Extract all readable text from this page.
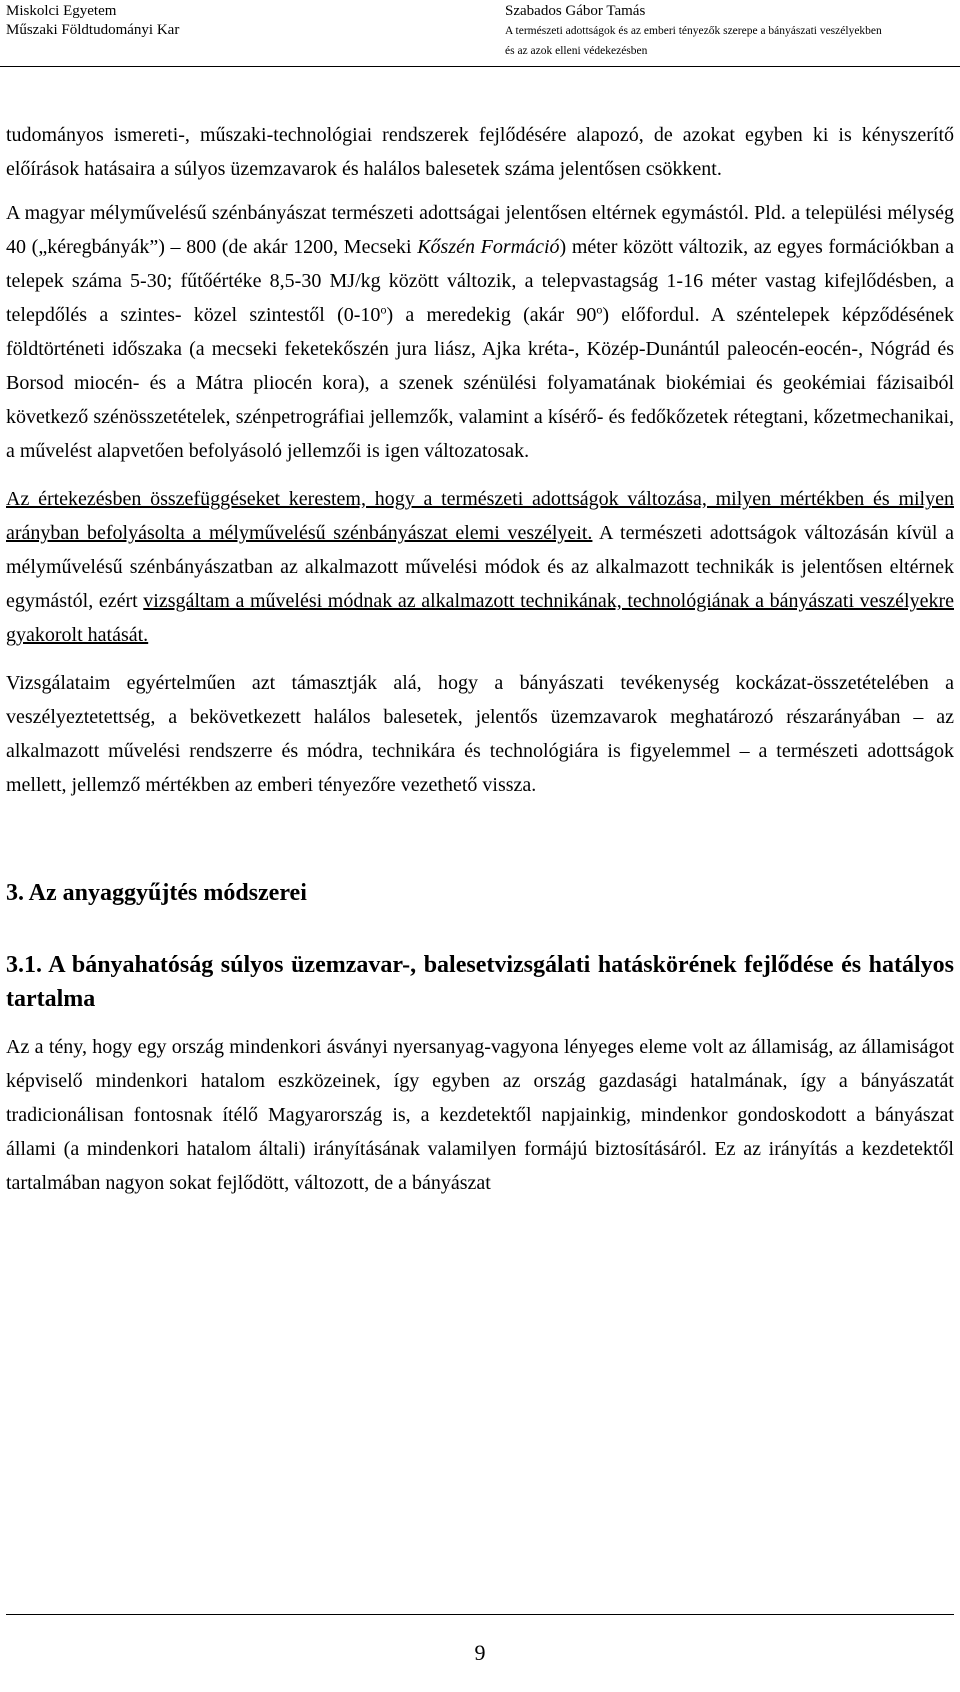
Miskolci Egyetem
Műszaki Földtudományi Kar
Szabados Gábor Tamás
A természeti adottságok és az emberi tényezők szerepe a bányászati veszélyekben
és az azok elleni védekezésben

tudományos ismereti-, műszaki-technológiai rendszerek fejlődésére alapozó, de azokat egyben ki is kényszerítő előírások hatásaira a súlyos üzemzavarok és halálos balesetek száma jelentősen csökkent.

A magyar mélyművelésű szénbányászat természeti adottságai jelentősen eltérnek egymástól. Pld. a települési mélység 40 („kéregbányák”) – 800 (de akár 1200, Mecseki Kőszén Formáció) méter között változik, az egyes formációkban a telepek száma 5-30; fűtőértéke 8,5-30 MJ/kg között változik, a telepvastagság 1-16 méter vastag kifejlődésben, a telepdőlés a szintes- közel szintestől (0-10$^o$) a meredekig (akár 90$^o$) előfordul. A széntelepek képződésének földtörténeti időszaka (a mecseki feketekőszén jura liász, Ajka kréta-, Közép-Dunántúl paleocén-eocén-, Nógrád és Borsod miocén- és a Mátra pliocén kora), a szenek szénülési folyamatának biokémiai és geokémiai fázisaiból következő szénösszetételek, szénpetrográfiai jellemzők, valamint a kísérő- és fedőkőzetek rétegtani, kőzetmechanikai, a művelést alapvetően befolyásoló jellemzői is igen változatosak.

Az értekezésben összefüggéseket kerestem, hogy a természeti adottságok változása, milyen mértékben és milyen arányban befolyásolta a mélyművelésű szénbányászat elemi veszélyeit. A természeti adottságok változásán kívül a mélyművelésű szénbányászatban az alkalmazott művelési módok és az alkalmazott technikák is jelentősen eltérnek egymástól, ezért vizsgáltam a művelési módnak az alkalmazott technikának, technológiának a bányászati veszélyekre gyakorolt hatását.

Vizsgálataim egyértelműen azt támasztják alá, hogy a bányászati tevékenység kockázat-összetételében a veszélyeztetettség, a bekövetkezett halálos balesetek, jelentős üzemzavarok meghatározó részarányában – az alkalmazott művelési rendszerre és módra, technikára és technológiára is figyelemmel – a természeti adottságok mellett, jellemző mértékben az emberi tényezőre vezethető vissza.

3. Az anyaggyűjtés módszerei
3.1. A bányahatóság súlyos üzemzavar-, balesetvizsgálati hatáskörének fejlődése és hatályos tartalma

Az a tény, hogy egy ország mindenkori ásványi nyersanyag-vagyona lényeges eleme volt az államiság, az államiságot képviselő mindenkori hatalom eszközeinek, így egyben az ország gazdasági hatalmának, így a bányászatát tradicionálisan fontosnak ítélő Magyarország is, a kezdetektől napjainkig, mindenkor gondoskodott a bányászat állami (a mindenkori hatalom általi) irányításának valamilyen formájú biztosításáról. Ez az irányítás a kezdetektől tartalmában nagyon sokat fejlődött, változott, de a bányászat

9
